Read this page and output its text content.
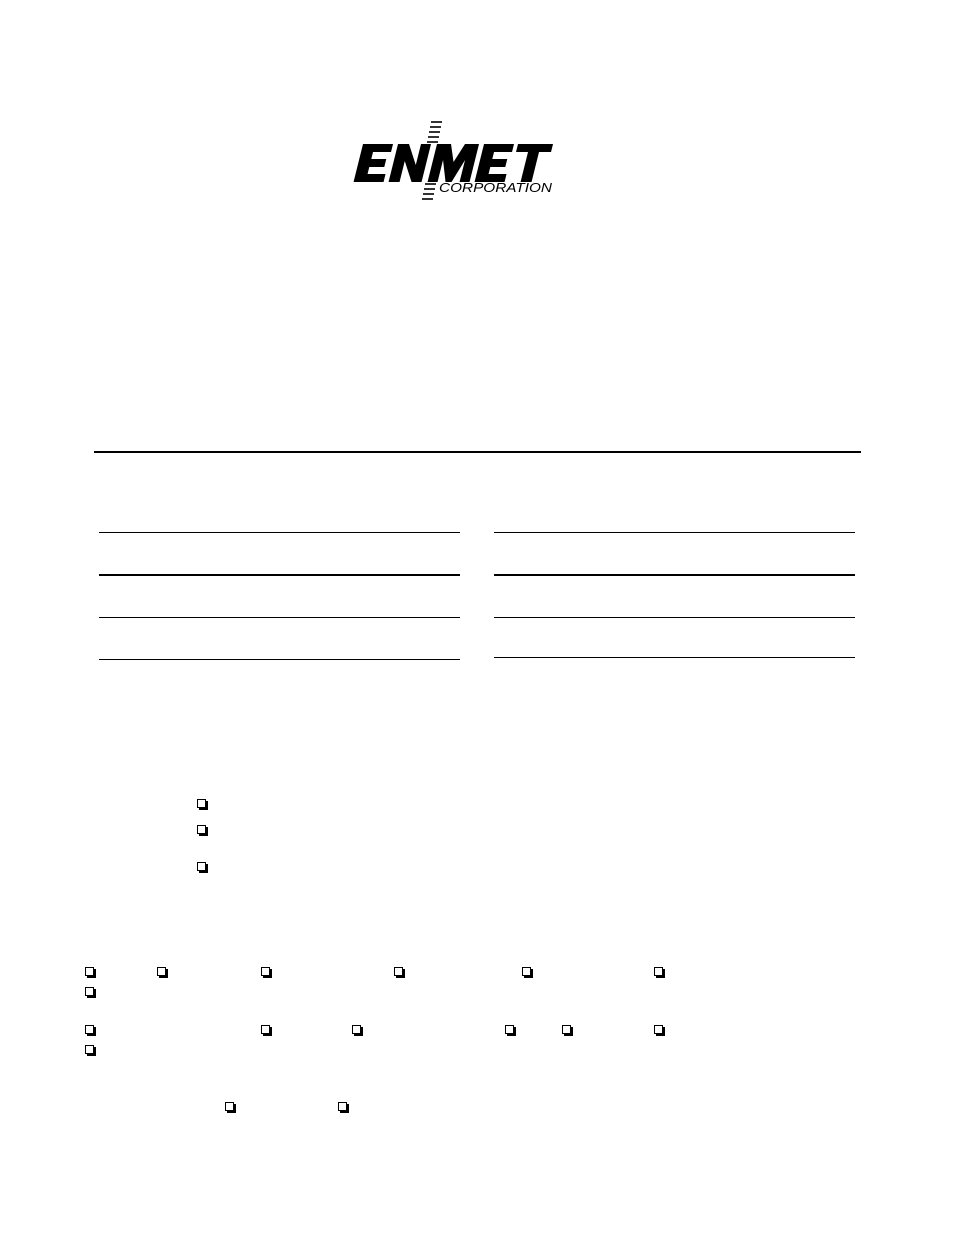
CORPORATION
